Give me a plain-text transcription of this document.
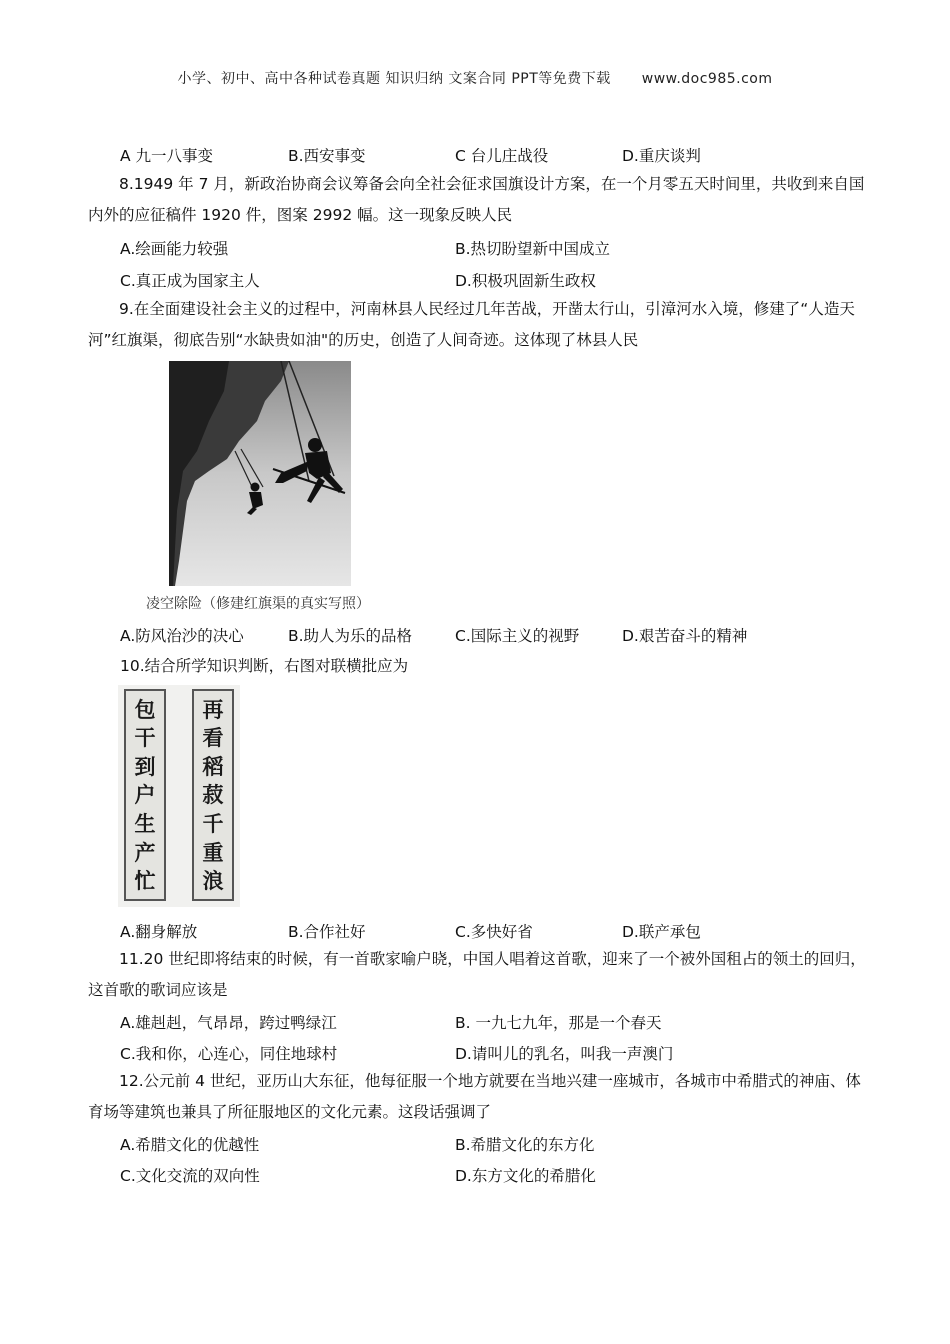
小学、初中、高中各种试卷真题 知识归纳 文案合同 PPT等免费下载 www.doc985.com
A 九一八事变	B.西安事变	C 台儿庄战役	D.重庆谈判
8.1949 年 7 月，新政治协商会议筹备会向全社会征求国旗设计方案，在一个月零五天时间里，共收到来自国内外的应征稿件 1920 件，图案 2992 幅。这一现象反映人民
A.绘画能力较强	B.热切盼望新中国成立
C.真正成为国家主人	D.积极巩固新生政权
9.在全面建设社会主义的过程中，河南林县人民经过几年苦战，开凿太行山，引漳河水入境，修建了“人造天河”红旗渠，彻底告别“水缺贵如油"的历史，创造了人间奇迹。这体现了林县人民
凌空除险（修建红旗渠的真实写照）
A.防风治沙的决心	B.助人为乐的品格	C.国际主义的视野	D.艰苦奋斗的精神
10.结合所学知识判断，右图对联横批应为
包
干
到
户
生
产
忙
再
看
稻
菽
千
重
浪
A.翻身解放	B.合作社好	C.多快好省	D.联产承包
11.20 世纪即将结束的时候，有一首歌家喻户晓，中国人唱着这首歌，迎来了一个被外国租占的领土的回归，这首歌的歌词应该是
A.雄赳赳，气昂昂，跨过鸭绿江	B. 一九七九年，那是一个春天
C.我和你，心连心，同住地球村	D.请叫儿的乳名，叫我一声澳门
12.公元前 4 世纪，亚历山大东征，他每征服一个地方就要在当地兴建一座城市，各城市中希腊式的神庙、体育场等建筑也兼具了所征服地区的文化元素。这段话强调了
A.希腊文化的优越性	B.希腊文化的东方化
C.文化交流的双向性	D.东方文化的希腊化
